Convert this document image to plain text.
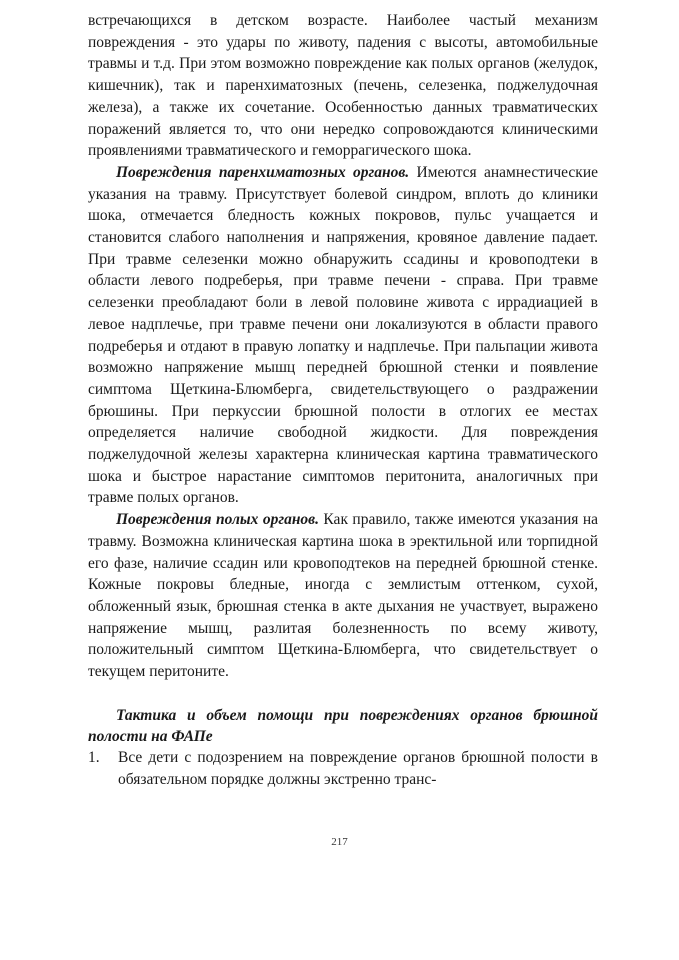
встречающихся в детском возрасте. Наиболее частый механизм повреждения - это удары по животу, падения с высоты, автомобильные травмы и т.д. При этом возможно повреждение как полых органов (желудок, кишечник), так и паренхиматозных (печень, селезенка, поджелудочная железа), а также их сочетание. Особенностью данных травматических поражений является то, что они нередко сопровождаются клиническими проявлениями травматического и геморрагического шока.

Повреждения паренхиматозных органов. Имеются анамнестические указания на травму. Присутствует болевой синдром, вплоть до клиники шока, отмечается бледность кожных покровов, пульс учащается и становится слабого наполнения и напряжения, кровяное давление падает. При травме селезенки можно обнаружить ссадины и кровоподтеки в области левого подреберья, при травме печени - справа. При травме селезенки преобладают боли в левой половине живота с иррадиацией в левое надплечье, при травме печени они локализуются в области правого подреберья и отдают в правую лопатку и надплечье. При пальпации живота возможно напряжение мышц передней брюшной стенки и появление симптома Щеткина-Блюмберга, свидетельствующего о раздражении брюшины. При перкуссии брюшной полости в отлогих ее местах определяется наличие свободной жидкости. Для повреждения поджелудочной железы характерна клиническая картина травматического шока и быстрое нарастание симптомов перитонита, аналогичных при травме полых органов.

Повреждения полых органов. Как правило, также имеются указания на травму. Возможна клиническая картина шока в эректильной или торпидной его фазе, наличие ссадин или кровоподтеков на передней брюшной стенке. Кожные покровы бледные, иногда с землистым оттенком, сухой, обложенный язык, брюшная стенка в акте дыхания не участвует, выражено напряжение мышц, разлитая болезненность по всему животу, положительный симптом Щеткина-Блюмберга, что свидетельствует о текущем перитоните.

Тактика и объем помощи при повреждениях органов брюшной полости на ФАПе

1.	Все дети с подозрением на повреждение органов брюшной полости в обязательном порядке должны экстренно транс-
217
